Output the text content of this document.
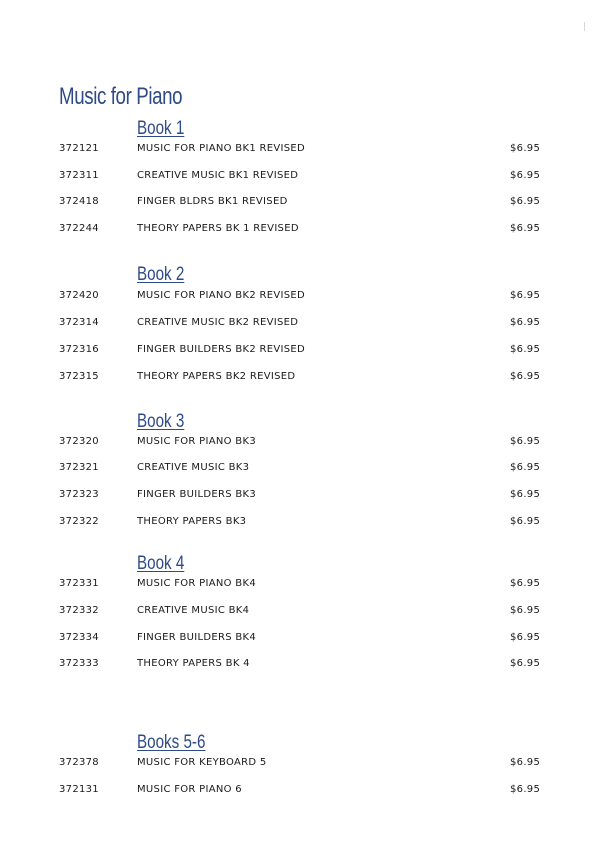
Music for Piano
Book 1
372121	MUSIC FOR PIANO BK1 REVISED	$6.95
372311	CREATIVE MUSIC BK1 REVISED	$6.95
372418	FINGER BLDRS BK1 REVISED	$6.95
372244	THEORY PAPERS BK 1 REVISED	$6.95
Book 2
372420	MUSIC FOR PIANO BK2 REVISED	$6.95
372314	CREATIVE MUSIC BK2 REVISED	$6.95
372316	FINGER BUILDERS BK2 REVISED	$6.95
372315	THEORY PAPERS BK2 REVISED	$6.95
Book 3
372320	MUSIC FOR PIANO BK3	$6.95
372321	CREATIVE MUSIC BK3	$6.95
372323	FINGER BUILDERS BK3	$6.95
372322	THEORY PAPERS BK3	$6.95
Book 4
372331	MUSIC FOR PIANO BK4	$6.95
372332	CREATIVE MUSIC BK4	$6.95
372334	FINGER BUILDERS BK4	$6.95
372333	THEORY PAPERS BK 4	$6.95
Books 5-6
372378	MUSIC FOR KEYBOARD 5	$6.95
372131	MUSIC FOR PIANO 6	$6.95
